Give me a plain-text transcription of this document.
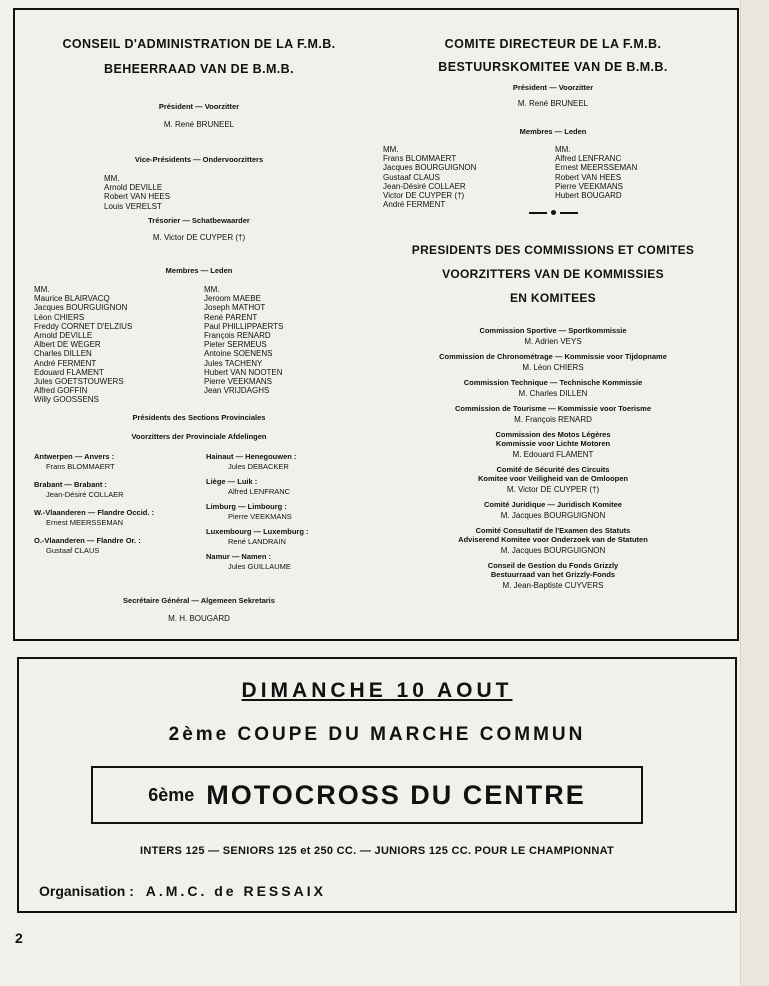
CONSEIL D'ADMINISTRATION DE LA F.M.B.
BEHEERRAAD VAN DE B.M.B.
Président — Voorzitter
M. René BRUNEEL
Vice-Présidents — Ondervoorzitters
MM.
Arnold DEVILLE
Robert VAN HEES
Louis VERELST
Trésorier — Schatbewaarder
M. Victor DE CUYPER (†)
Membres — Leden
MM.
Maurice BLAIRVACQ
Jacques BOURGUIGNON
Léon CHIERS
Freddy CORNET D'ELZIUS
Arnold DEVILLE
Albert DE WEGER
Charles DILLEN
André FERMENT
Edouard FLAMENT
Jules GOETSTOUWERS
Alfred GOFFIN
Willy GOOSSENS
MM.
Jeroom MAEBE
Joseph MATHOT
René PARENT
Paul PHILLIPPAERTS
François RENARD
Pieter SERMEUS
Antoine SOENENS
Jules TACHENY
Hubert VAN NOOTEN
Pierre VEEKMANS
Jean VRIJDAGHS
Présidents des Sections Provinciales
Voorzitters der Provinciale Afdelingen
Antwerpen — Anvers :
Frans BLOMMAERT
Brabant — Brabant :
Jean-Désiré COLLAER
W.-Vlaanderen — Flandre Occid. :
Ernest MEERSSEMAN
O.-Vlaanderen — Flandre Or. :
Gustaaf CLAUS
Hainaut — Henegouwen :
Jules DEBACKER
Liège — Luik :
Alfred LENFRANC
Limburg — Limbourg :
Pierre VEEKMANS
Luxembourg — Luxemburg :
René LANDRAIN
Namur — Namen :
Jules GUILLAUME
Secrétaire Général — Algemeen Sekretaris
M. H. BOUGARD
COMITE DIRECTEUR DE LA F.M.B.
BESTUURSKOMITEE VAN DE B.M.B.
Président — Voorzitter
M. René BRUNEEL
Membres — Leden
MM.
Frans BLOMMAERT
Jacques BOURGUIGNON
Gustaaf CLAUS
Jean-Désiré COLLAER
Victor DE CUYPER (†)
André FERMENT
MM.
Alfred LENFRANC
Ernest MEERSSEMAN
Robert VAN HEES
Pierre VEEKMANS
Hubert BOUGARD
PRESIDENTS DES COMMISSIONS ET COMITES
VOORZITTERS VAN DE KOMMISSIES
EN KOMITEES
Commission Sportive — Sportkommissie
M. Adrien VEYS
Commission de Chronométrage — Kommissie voor Tijdopname
M. Léon CHIERS
Commission Technique — Technische Kommissie
M. Charles DILLEN
Commission de Tourisme — Kommissie voor Toerisme
M. François RENARD
Commission des Motos Légères
Kommissie voor Lichte Motoren
M. Edouard FLAMENT
Comité de Sécurité des Circuits
Komitee voor Veiligheid van de Omloopen
M. Victor DE CUYPER (†)
Comité Juridique — Juridisch Komitee
M. Jacques BOURGUIGNON
Comité Consultatif de l'Examen des Statuts
Adviserend Komitee voor Onderzoek van de Statuten
M. Jacques BOURGUIGNON
Conseil de Gestion du Fonds Grizzly
Bestuurraad van het Grizzly-Fonds
M. Jean-Baptiste CUYVERS
DIMANCHE 10 AOUT
2ème COUPE DU MARCHE COMMUN
6ème MOTOCROSS DU CENTRE
INTERS 125 — SENIORS 125 et 250 CC. — JUNIORS 125 CC. POUR LE CHAMPIONNAT
Organisation : A.M.C. de RESSAIX
2
